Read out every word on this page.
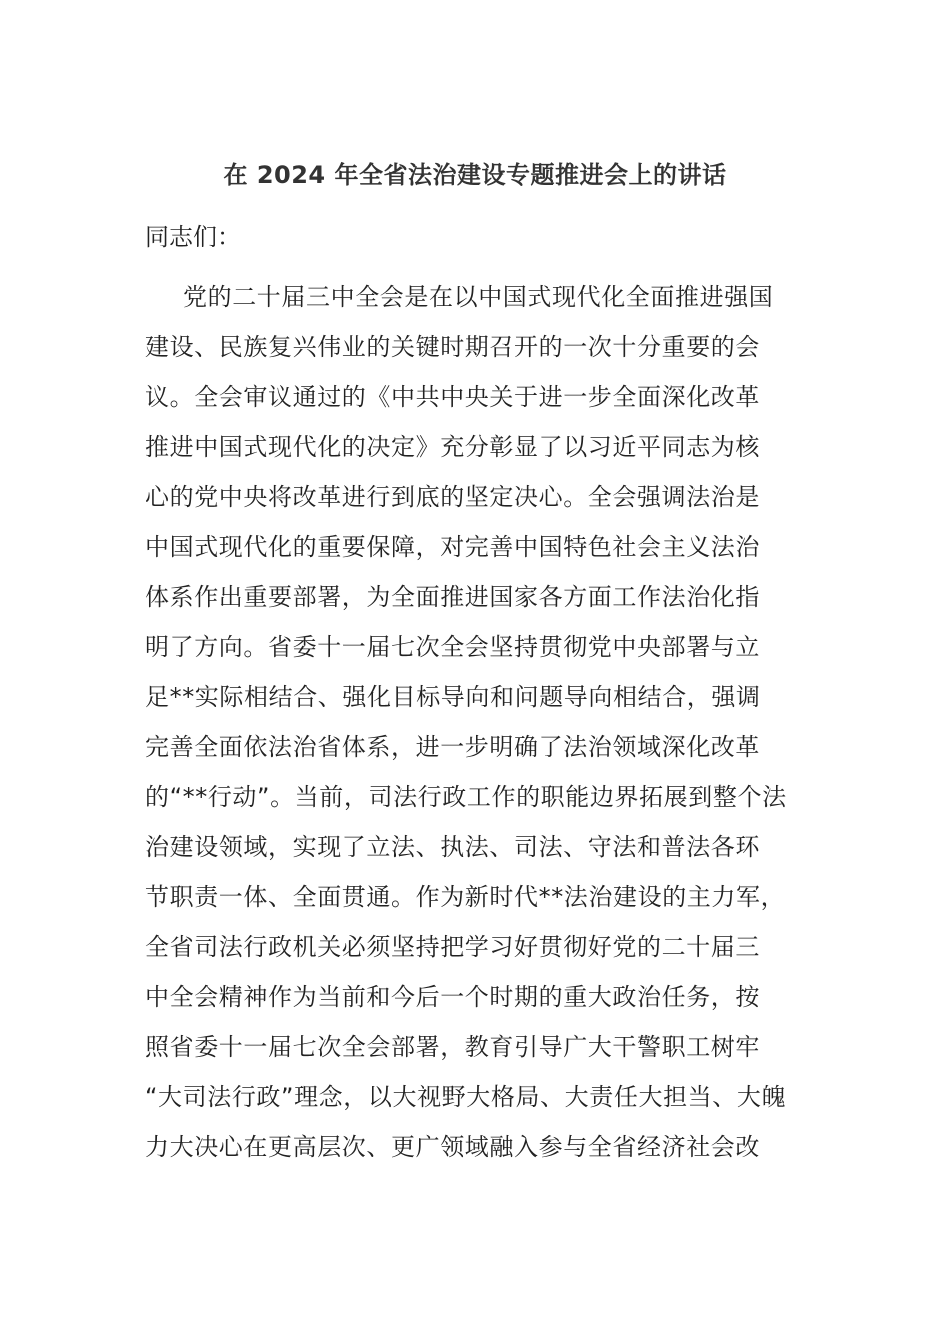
在 2024 年全省法治建设专题推进会上的讲话
同志们：
党的二十届三中全会是在以中国式现代化全面推进强国
建设、民族复兴伟业的关键时期召开的一次十分重要的会
议。全会审议通过的《中共中央关于进一步全面深化改革
推进中国式现代化的决定》充分彰显了以习近平同志为核
心的党中央将改革进行到底的坚定决心。全会强调法治是
中国式现代化的重要保障，对完善中国特色社会主义法治
体系作出重要部署，为全面推进国家各方面工作法治化指
明了方向。省委十一届七次全会坚持贯彻党中央部署与立
足**实际相结合、强化目标导向和问题导向相结合，强调
完善全面依法治省体系，进一步明确了法治领域深化改革
的“**行动”。当前，司法行政工作的职能边界拓展到整个法
治建设领域，实现了立法、执法、司法、守法和普法各环
节职责一体、全面贯通。作为新时代**法治建设的主力军，
全省司法行政机关必须坚持把学习好贯彻好党的二十届三
中全会精神作为当前和今后一个时期的重大政治任务，按
照省委十一届七次全会部署，教育引导广大干警职工树牢
“大司法行政”理念，以大视野大格局、大责任大担当、大魄
力大决心在更高层次、更广领域融入参与全省经济社会改
